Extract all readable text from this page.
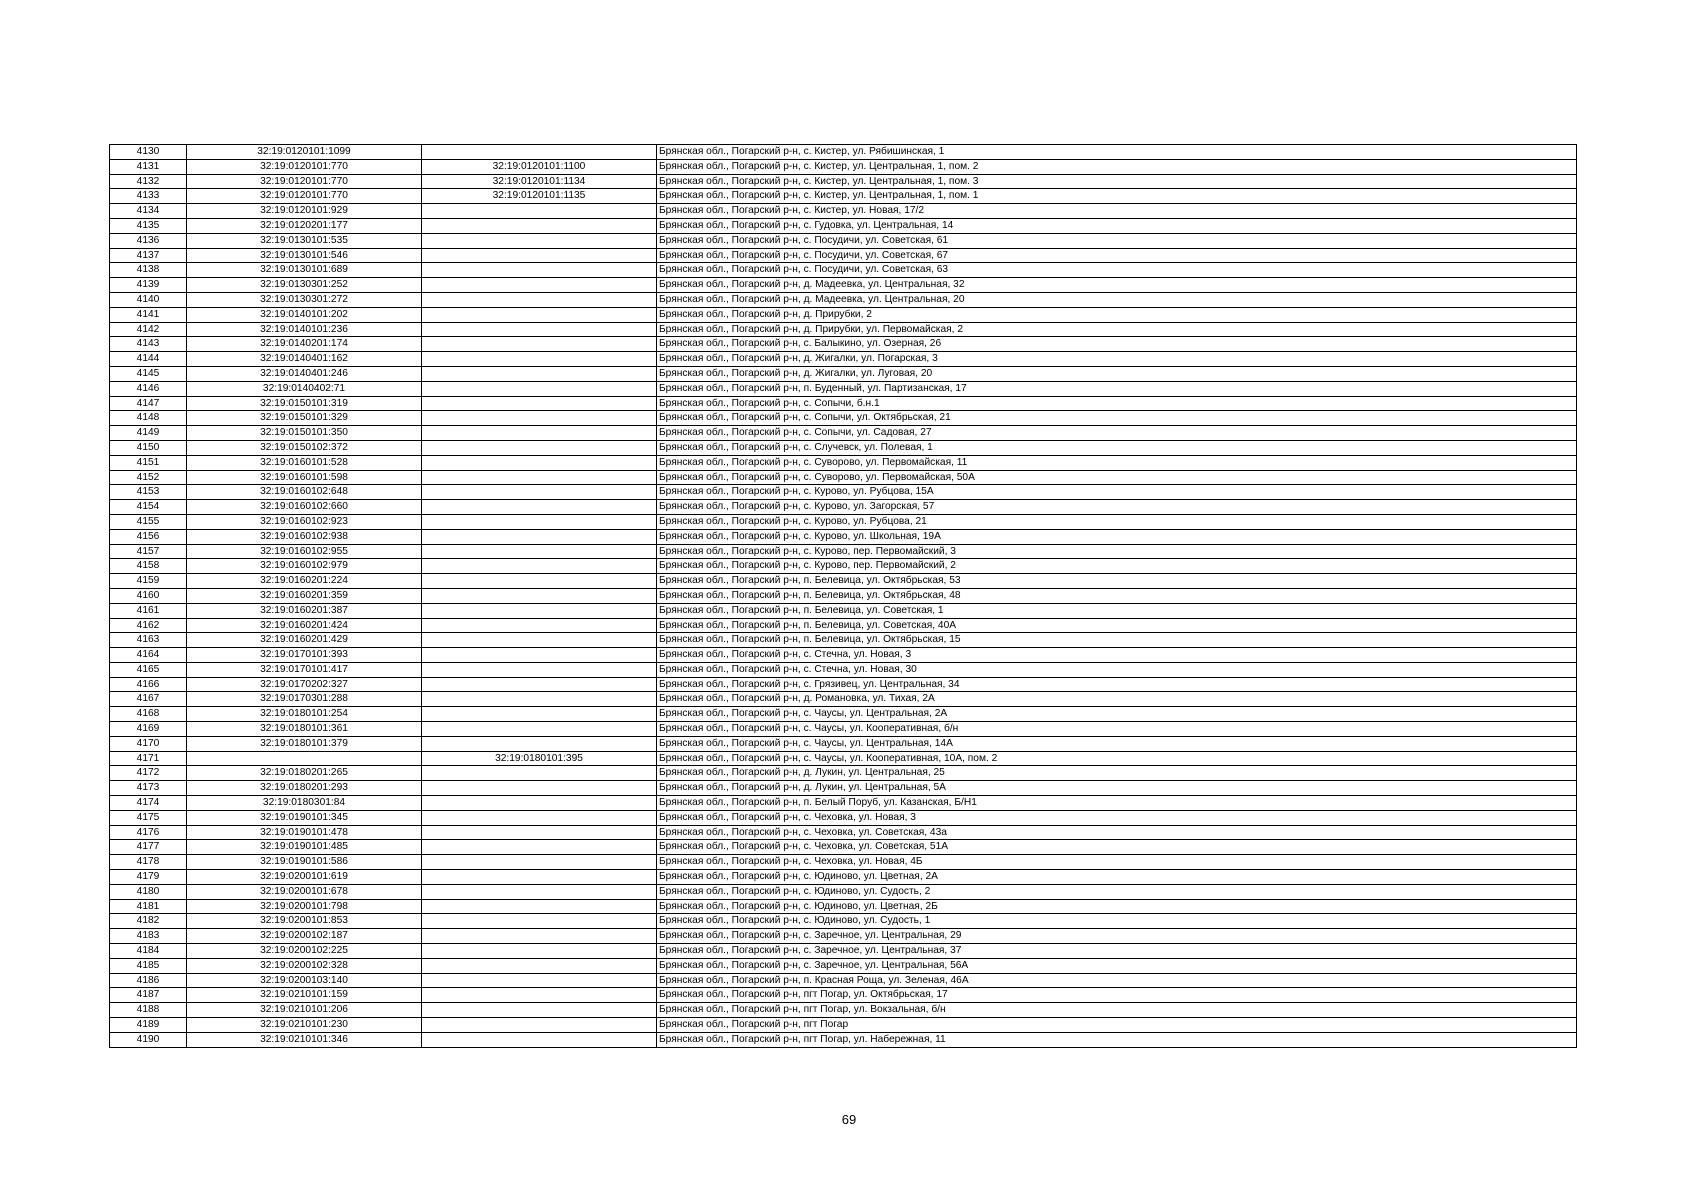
4130	32:19:0120101:1099		Брянская обл., Погарский р-н, с. Кистер, ул. Рябишинская, 1
4131	32:19:0120101:770	32:19:0120101:1100	Брянская обл., Погарский р-н, с. Кистер, ул. Центральная, 1, пом. 2
4132	32:19:0120101:770	32:19:0120101:1134	Брянская обл., Погарский р-н, с. Кистер, ул. Центральная, 1, пом. 3
4133	32:19:0120101:770	32:19:0120101:1135	Брянская обл., Погарский р-н, с. Кистер, ул. Центральная, 1, пом. 1
4134	32:19:0120101:929		Брянская обл., Погарский р-н, с. Кистер, ул. Новая, 17/2
4135	32:19:0120201:177		Брянская обл., Погарский р-н, с. Гудовка, ул. Центральная, 14
4136	32:19:0130101:535		Брянская обл., Погарский р-н, с. Посудичи, ул. Советская, 61
4137	32:19:0130101:546		Брянская обл., Погарский р-н, с. Посудичи, ул. Советская, 67
4138	32:19:0130101:689		Брянская обл., Погарский р-н, с. Посудичи, ул. Советская, 63
4139	32:19:0130301:252		Брянская обл., Погарский р-н, д. Мадеевка, ул. Центральная, 32
4140	32:19:0130301:272		Брянская обл., Погарский р-н, д. Мадеевка, ул. Центральная, 20
4141	32:19:0140101:202		Брянская обл., Погарский р-н, д. Прирубки, 2
4142	32:19:0140101:236		Брянская обл., Погарский р-н, д. Прирубки, ул. Первомайская, 2
4143	32:19:0140201:174		Брянская обл., Погарский р-н, с. Балыкино, ул. Озерная, 26
4144	32:19:0140401:162		Брянская обл., Погарский р-н, д. Жигалки, ул. Погарская, 3
4145	32:19:0140401:246		Брянская обл., Погарский р-н, д. Жигалки, ул. Луговая, 20
4146	32:19:0140402:71		Брянская обл., Погарский р-н, п. Буденный, ул. Партизанская, 17
4147	32:19:0150101:319		Брянская обл., Погарский р-н, с. Сопычи, б.н.1
4148	32:19:0150101:329		Брянская обл., Погарский р-н, с. Сопычи, ул. Октябрьская, 21
4149	32:19:0150101:350		Брянская обл., Погарский р-н, с. Сопычи, ул. Садовая, 27
4150	32:19:0150102:372		Брянская обл., Погарский р-н, с. Случевск, ул. Полевая, 1
4151	32:19:0160101:528		Брянская обл., Погарский р-н, с. Суворово, ул. Первомайская, 11
4152	32:19:0160101:598		Брянская обл., Погарский р-н, с. Суворово, ул. Первомайская, 50А
4153	32:19:0160102:648		Брянская обл., Погарский р-н, с. Курово, ул. Рубцова, 15А
4154	32:19:0160102:660		Брянская обл., Погарский р-н, с. Курово, ул. Загорская, 57
4155	32:19:0160102:923		Брянская обл., Погарский р-н, с. Курово, ул. Рубцова, 21
4156	32:19:0160102:938		Брянская обл., Погарский р-н, с. Курово, ул. Школьная, 19А
4157	32:19:0160102:955		Брянская обл., Погарский р-н, с. Курово, пер. Первомайский, 3
4158	32:19:0160102:979		Брянская обл., Погарский р-н, с. Курово, пер. Первомайский, 2
4159	32:19:0160201:224		Брянская обл., Погарский р-н, п. Белевица, ул. Октябрьская, 53
4160	32:19:0160201:359		Брянская обл., Погарский р-н, п. Белевица, ул. Октябрьская, 48
4161	32:19:0160201:387		Брянская обл., Погарский р-н, п. Белевица, ул. Советская, 1
4162	32:19:0160201:424		Брянская обл., Погарский р-н, п. Белевица, ул. Советская, 40А
4163	32:19:0160201:429		Брянская обл., Погарский р-н, п. Белевица, ул. Октябрьская, 15
4164	32:19:0170101:393		Брянская обл., Погарский р-н, с. Стечна, ул. Новая, 3
4165	32:19:0170101:417		Брянская обл., Погарский р-н, с. Стечна, ул. Новая, 30
4166	32:19:0170202:327		Брянская обл., Погарский р-н, с. Грязивец, ул. Центральная, 34
4167	32:19:0170301:288		Брянская обл., Погарский р-н, д. Романовка, ул. Тихая, 2А
4168	32:19:0180101:254		Брянская обл., Погарский р-н, с. Чаусы, ул. Центральная, 2А
4169	32:19:0180101:361		Брянская обл., Погарский р-н, с. Чаусы, ул. Кооперативная, б/н
4170	32:19:0180101:379		Брянская обл., Погарский р-н, с. Чаусы, ул. Центральная, 14А
4171		32:19:0180101:395	Брянская обл., Погарский р-н, с. Чаусы, ул. Кооперативная, 10А, пом. 2
4172	32:19:0180201:265		Брянская обл., Погарский р-н, д. Лукин, ул. Центральная, 25
4173	32:19:0180201:293		Брянская обл., Погарский р-н, д. Лукин, ул. Центральная, 5А
4174	32:19:0180301:84		Брянская обл., Погарский р-н, п. Белый Поруб, ул. Казанская, Б/Н1
4175	32:19:0190101:345		Брянская обл., Погарский р-н, с. Чеховка, ул. Новая, 3
4176	32:19:0190101:478		Брянская обл., Погарский р-н, с. Чеховка, ул. Советская, 43а
4177	32:19:0190101:485		Брянская обл., Погарский р-н, с. Чеховка, ул. Советская, 51А
4178	32:19:0190101:586		Брянская обл., Погарский р-н, с. Чеховка, ул. Новая, 4Б
4179	32:19:0200101:619		Брянская обл., Погарский р-н, с. Юдиново, ул. Цветная, 2А
4180	32:19:0200101:678		Брянская обл., Погарский р-н, с. Юдиново, ул. Судость, 2
4181	32:19:0200101:798		Брянская обл., Погарский р-н, с. Юдиново, ул. Цветная, 2Б
4182	32:19:0200101:853		Брянская обл., Погарский р-н, с. Юдиново, ул. Судость, 1
4183	32:19:0200102:187		Брянская обл., Погарский р-н, с. Заречное, ул. Центральная, 29
4184	32:19:0200102:225		Брянская обл., Погарский р-н, с. Заречное, ул. Центральная, 37
4185	32:19:0200102:328		Брянская обл., Погарский р-н, с. Заречное, ул. Центральная, 56А
4186	32:19:0200103:140		Брянская обл., Погарский р-н, п. Красная Роща, ул. Зеленая, 46А
4187	32:19:0210101:159		Брянская обл., Погарский р-н, пгт Погар, ул. Октябрьская, 17
4188	32:19:0210101:206		Брянская обл., Погарский р-н, пгт Погар, ул. Вокзальная, б/н
4189	32:19:0210101:230		Брянская обл., Погарский р-н, пгт Погар
4190	32:19:0210101:346		Брянская обл., Погарский р-н, пгт Погар, ул. Набережная, 11
69
